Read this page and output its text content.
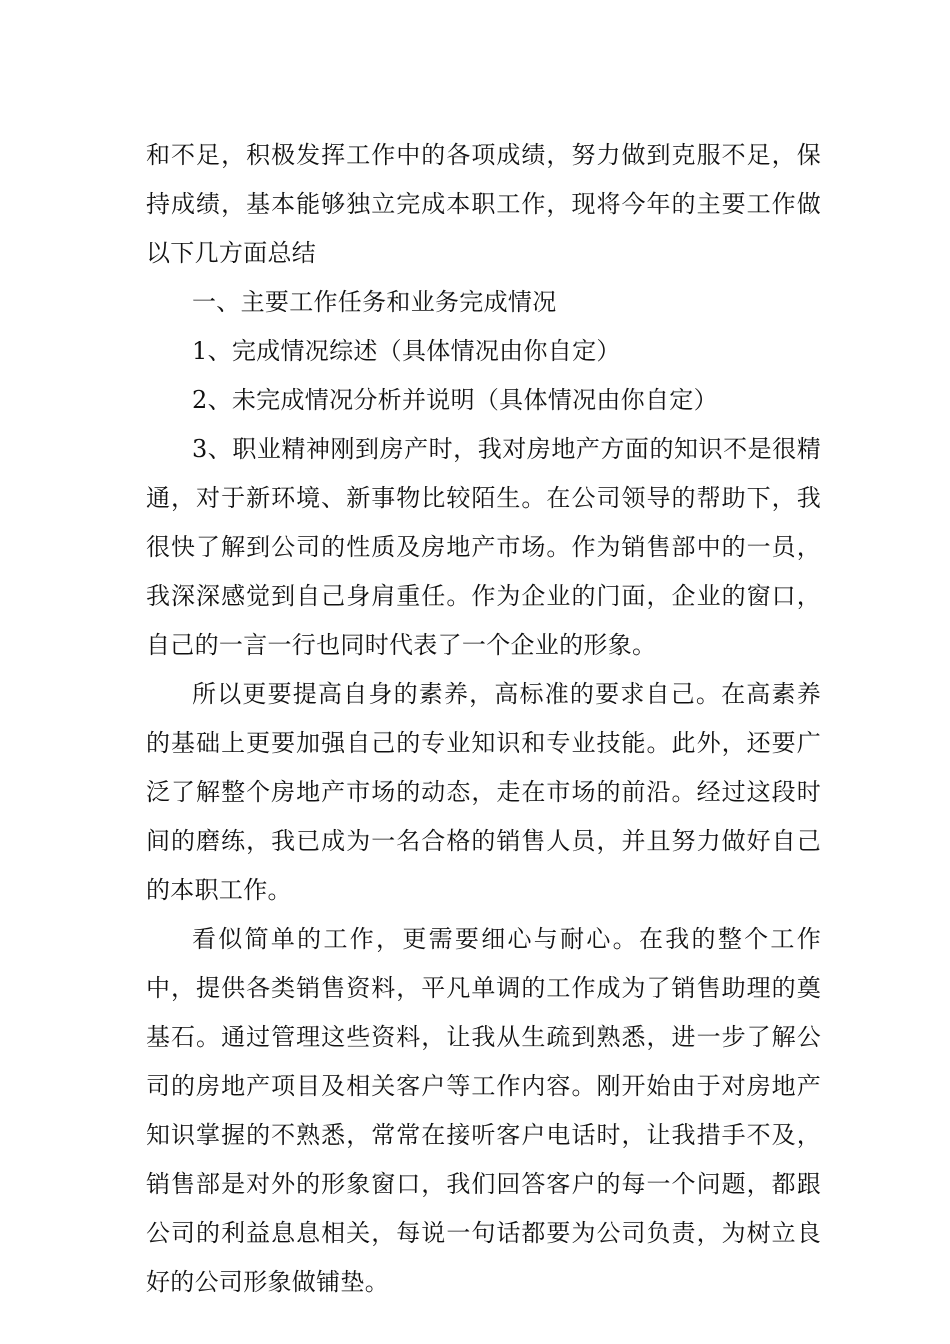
和不足，积极发挥工作中的各项成绩，努力做到克服不足，保持成绩，基本能够独立完成本职工作，现将今年的主要工作做以下几方面总结

一、主要工作任务和业务完成情况

1、完成情况综述（具体情况由你自定）

2、未完成情况分析并说明（具体情况由你自定）

3、职业精神刚到房产时，我对房地产方面的知识不是很精通，对于新环境、新事物比较陌生。在公司领导的帮助下，我很快了解到公司的性质及房地产市场。作为销售部中的一员，我深深感觉到自己身肩重任。作为企业的门面，企业的窗口，自己的一言一行也同时代表了一个企业的形象。

所以更要提高自身的素养，高标准的要求自己。在高素养的基础上更要加强自己的专业知识和专业技能。此外，还要广泛了解整个房地产市场的动态，走在市场的前沿。经过这段时间的磨练，我已成为一名合格的销售人员，并且努力做好自己的本职工作。

看似简单的工作，更需要细心与耐心。在我的整个工作中，提供各类销售资料，平凡单调的工作成为了销售助理的奠基石。通过管理这些资料，让我从生疏到熟悉，进一步了解公司的房地产项目及相关客户等工作内容。刚开始由于对房地产知识掌握的不熟悉，常常在接听客户电话时，让我措手不及，销售部是对外的形象窗口，我们回答客户的每一个问题，都跟公司的利益息息相关，每说一句话都要为公司负责，为树立良好的公司形象做铺垫。
